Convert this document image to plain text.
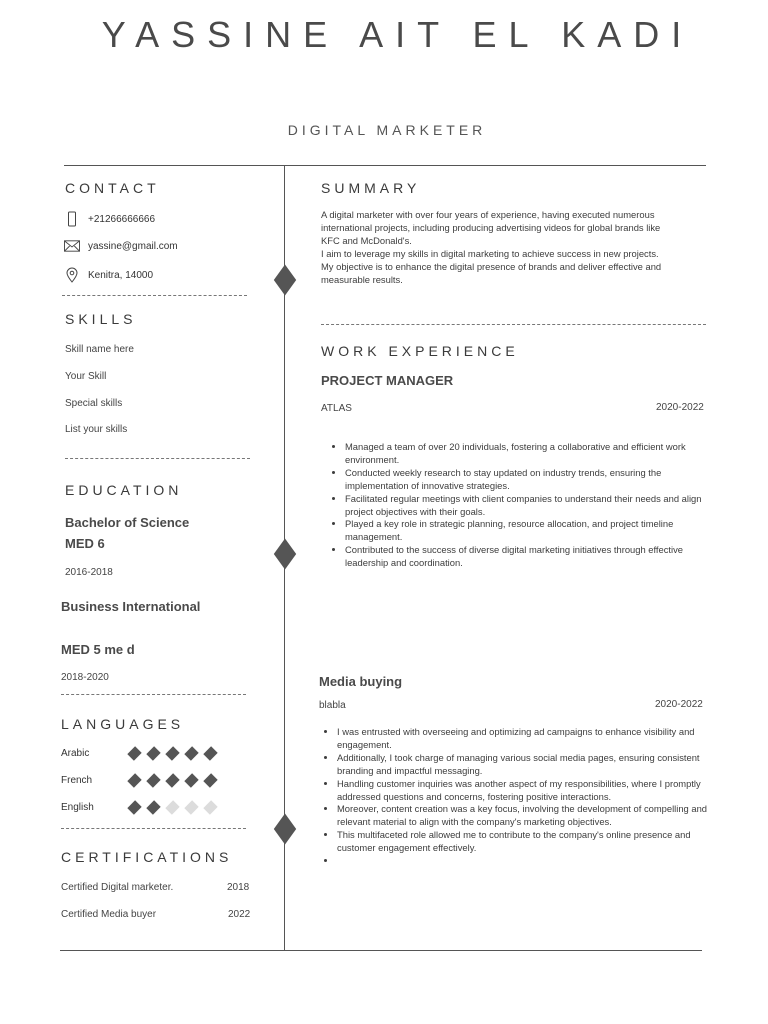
YASSINE AIT EL KADI
DIGITAL MARKETER
CONTACT
+21266666666
yassine@gmail.com
Kenitra, 14000
SKILLS
Skill name here
Your Skill
Special skills
List your skills
EDUCATION
Bachelor of Science
MED 6
2016-2018
Business International
MED 5 me d
2018-2020
LANGUAGES
Arabic
French
English
CERTIFICATIONS
Certified Digital marketer.	2018
Certified Media buyer	2022
SUMMARY
A digital marketer with over four years of experience, having executed numerous
international projects, including producing advertising videos for global brands like
KFC and McDonald's.
I aim to leverage my skills in digital marketing to achieve success in new projects.
My objective is to enhance the digital presence of brands and deliver effective and
measurable results.
WORK EXPERIENCE
PROJECT MANAGER
ATLAS	2020-2022
• Managed a team of over 20 individuals, fostering a collaborative and efficient work environment.
• Conducted weekly research to stay updated on industry trends, ensuring the implementation of innovative strategies.
• Facilitated regular meetings with client companies to understand their needs and align project objectives with their goals.
• Played a key role in strategic planning, resource allocation, and project timeline management.
• Contributed to the success of diverse digital marketing initiatives through effective leadership and coordination.
Media buying
blabla	2020-2022
• I was entrusted with overseeing and optimizing ad campaigns to enhance visibility and engagement.
• Additionally, I took charge of managing various social media pages, ensuring consistent branding and impactful messaging.
• Handling customer inquiries was another aspect of my responsibilities, where I promptly addressed questions and concerns, fostering positive interactions.
• Moreover, content creation was a key focus, involving the development of compelling and relevant material to align with the company's marketing objectives.
• This multifaceted role allowed me to contribute to the company's online presence and customer engagement effectively.
•
